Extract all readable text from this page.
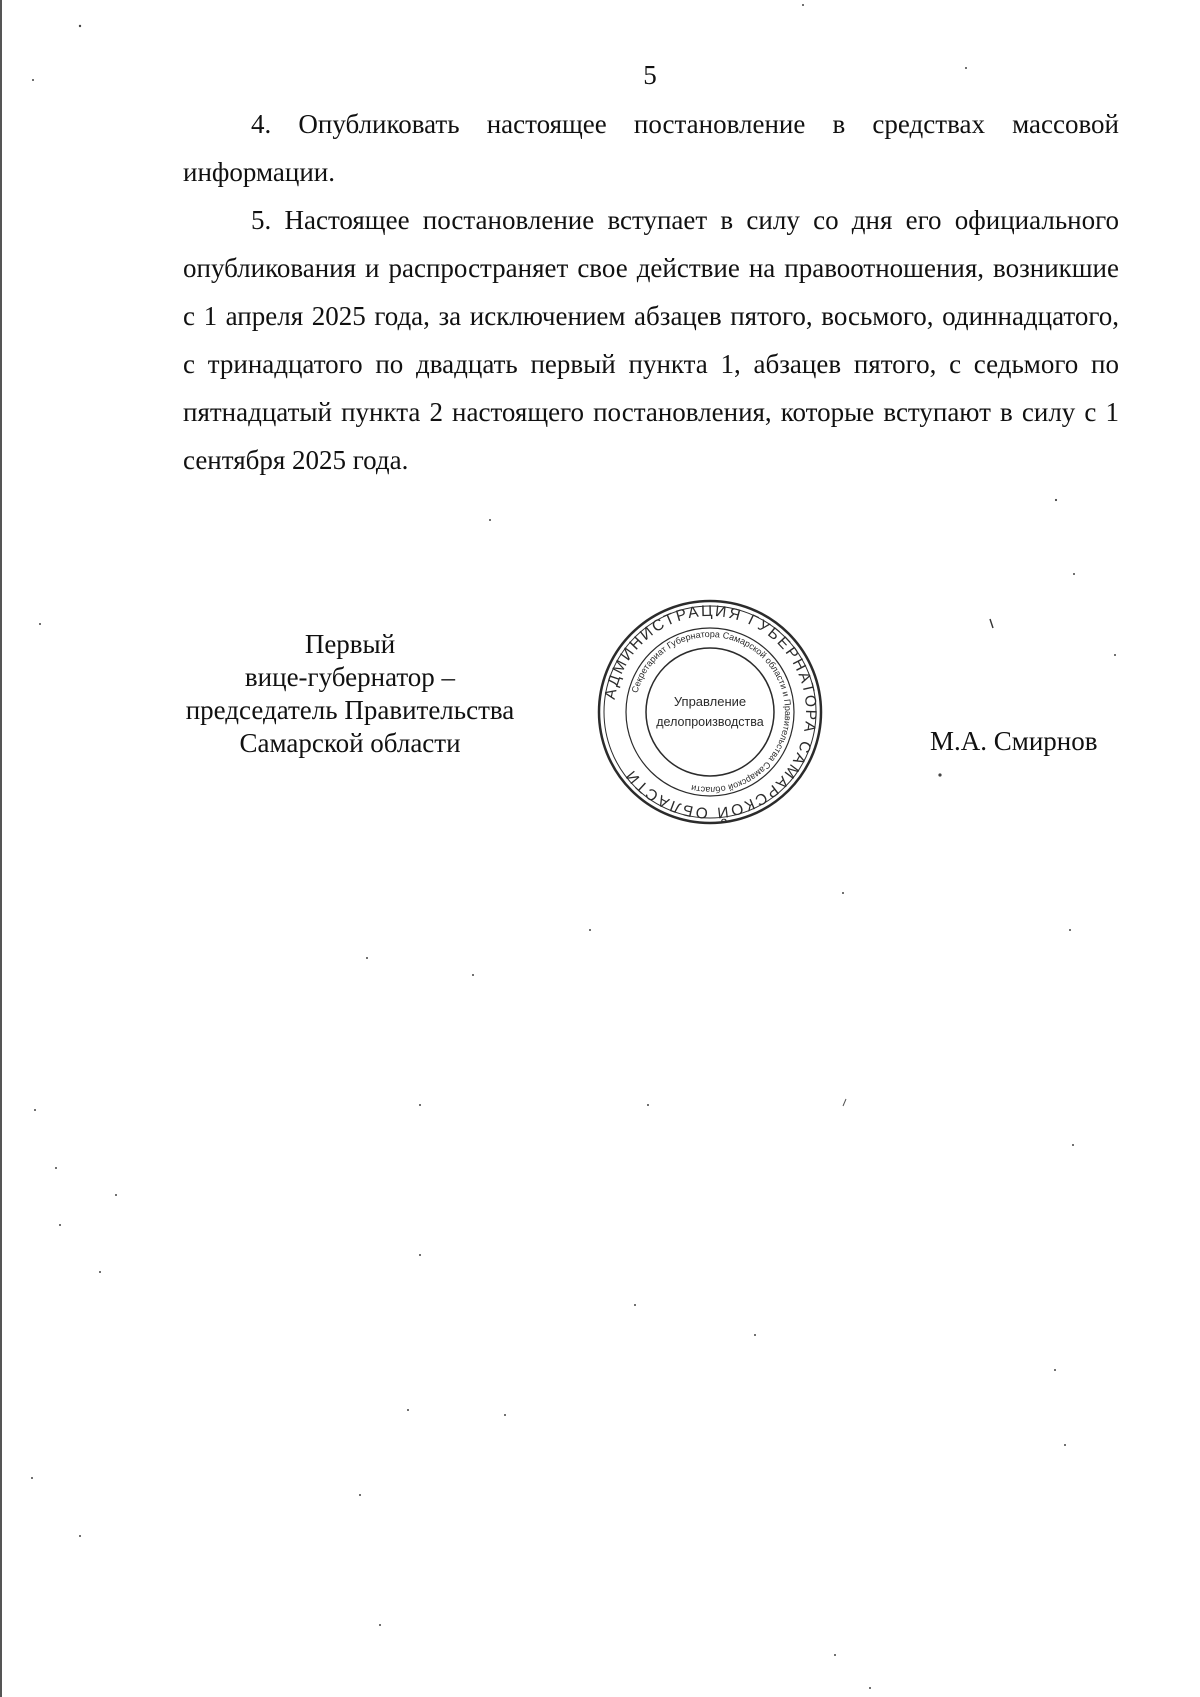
5

4. Опубликовать настоящее постановление в средствах массовой информации.

5. Настоящее постановление вступает в силу со дня его официального опубликования и распространяет свое действие на правоотношения, возникшие с 1 апреля 2025 года, за исключением абзацев пятого, восьмого, одиннадцатого, с тринадцатого по двадцать первый пункта 1, абзацев пятого, с седьмого по пятнадцатый пункта 2 настоящего постановления, которые вступают в силу с 1 сентября 2025 года.

Первый
вице-губернатор –
председатель Правительства
Самарской области	М.А. Смирнов
АДМИНИСТРАЦИЯ ГУБЕРНАТОРА САМАРСКОЙ ОБЛАСТИ
Секретариат Губернатора Самарской области и Правительства Самарской области
Управление
делопроизводства
